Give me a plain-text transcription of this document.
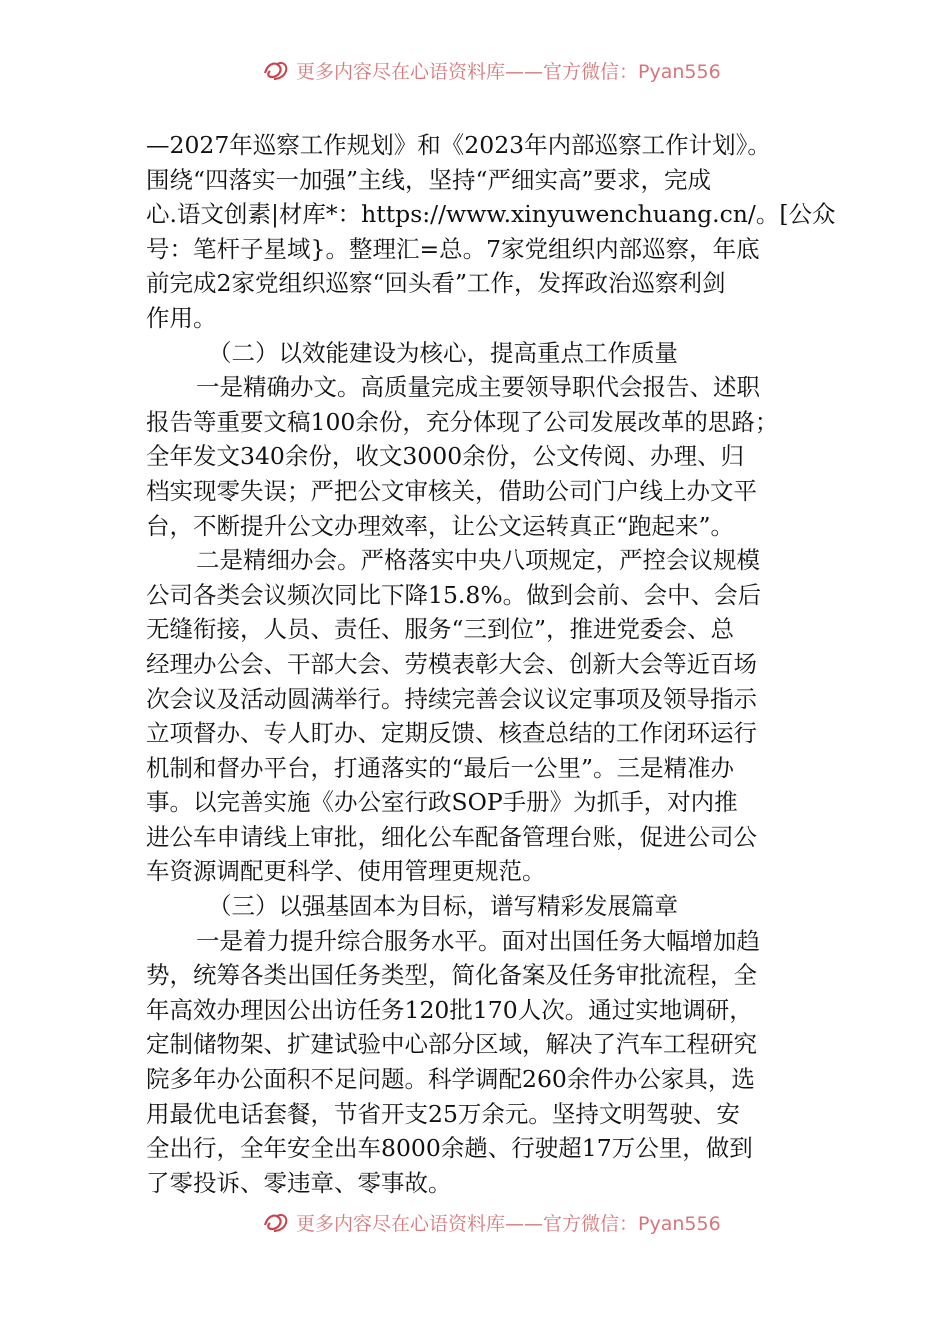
更多内容尽在心语资料库——官方微信：Pyan556
—2027年巡察工作规划》和《2023年内部巡察工作计划》。
围绕“四落实一加强”主线，坚持“严细实高”要求，完成
心.语文创素|材库*：https://www.xinyuwenchuang.cn/。[公众
号：笔杆子星域}。整理汇=总。7家党组织内部巡察，年底
前完成2家党组织巡察“回头看”工作，发挥政治巡察利剑
作用。
（二）以效能建设为核心，提高重点工作质量
一是精确办文。高质量完成主要领导职代会报告、述职
报告等重要文稿100余份，充分体现了公司发展改革的思路；
全年发文340余份，收文3000余份，公文传阅、办理、归
档实现零失误；严把公文审核关，借助公司门户线上办文平
台，不断提升公文办理效率，让公文运转真正“跑起来”。
二是精细办会。严格落实中央八项规定，严控会议规模
公司各类会议频次同比下降15.8%。做到会前、会中、会后
无缝衔接，人员、责任、服务“三到位”，推进党委会、总
经理办公会、干部大会、劳模表彰大会、创新大会等近百场
次会议及活动圆满举行。持续完善会议议定事项及领导指示
立项督办、专人盯办、定期反馈、核查总结的工作闭环运行
机制和督办平台，打通落实的“最后一公里”。三是精准办
事。以完善实施《办公室行政SOP手册》为抓手，对内推
进公车申请线上审批，细化公车配备管理台账，促进公司公
车资源调配更科学、使用管理更规范。
（三）以强基固本为目标，谱写精彩发展篇章
一是着力提升综合服务水平。面对出国任务大幅增加趋
势，统筹各类出国任务类型，简化备案及任务审批流程，全
年高效办理因公出访任务120批170人次。通过实地调研，
定制储物架、扩建试验中心部分区域，解决了汽车工程研究
院多年办公面积不足问题。科学调配260余件办公家具，选
用最优电话套餐，节省开支25万余元。坚持文明驾驶、安
全出行，全年安全出车8000余趟、行驶超17万公里，做到
了零投诉、零违章、零事故。
更多内容尽在心语资料库——官方微信：Pyan556
